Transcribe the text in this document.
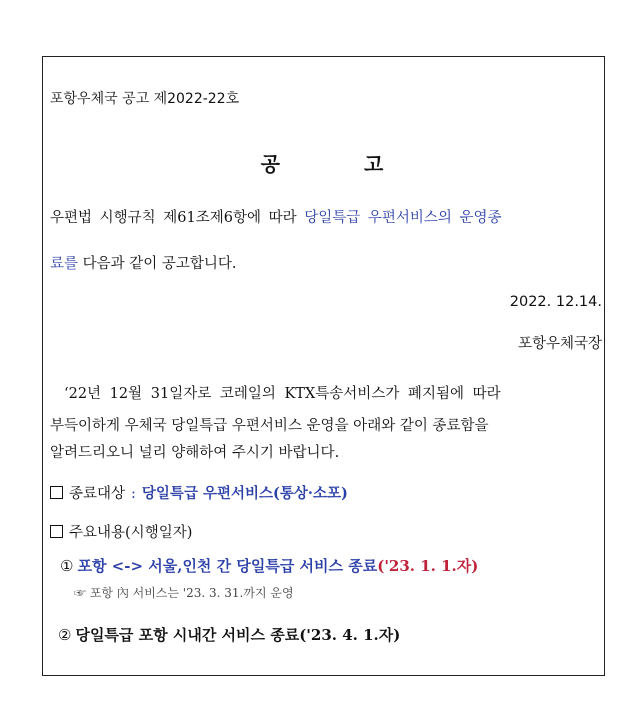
포항우체국 공고 제2022-22호
공	고
우편법 시행규칙 제61조제6항에 따라 당일특급 우편서비스의 운영종
료를 다음과 같이 공고합니다.
2022. 12.14.
포항우체국장
‘22년 12월 31일자로 코레일의 KTX특송서비스가 폐지됨에 따라
부득이하게 우체국 당일특급 우편서비스 운영을 아래와 같이 종료함을
알려드리오니 널리 양해하여 주시기 바랍니다.
종료대상 : 당일특급 우편서비스(통상·소포)
주요내용(시행일자)
① 포항 <-> 서울,인천 간 당일특급 서비스 종료('23. 1. 1.자)
☞ 포항 內 서비스는 '23. 3. 31.까지 운영
② 당일특급 포항 시내간 서비스 종료('23. 4. 1.자)
